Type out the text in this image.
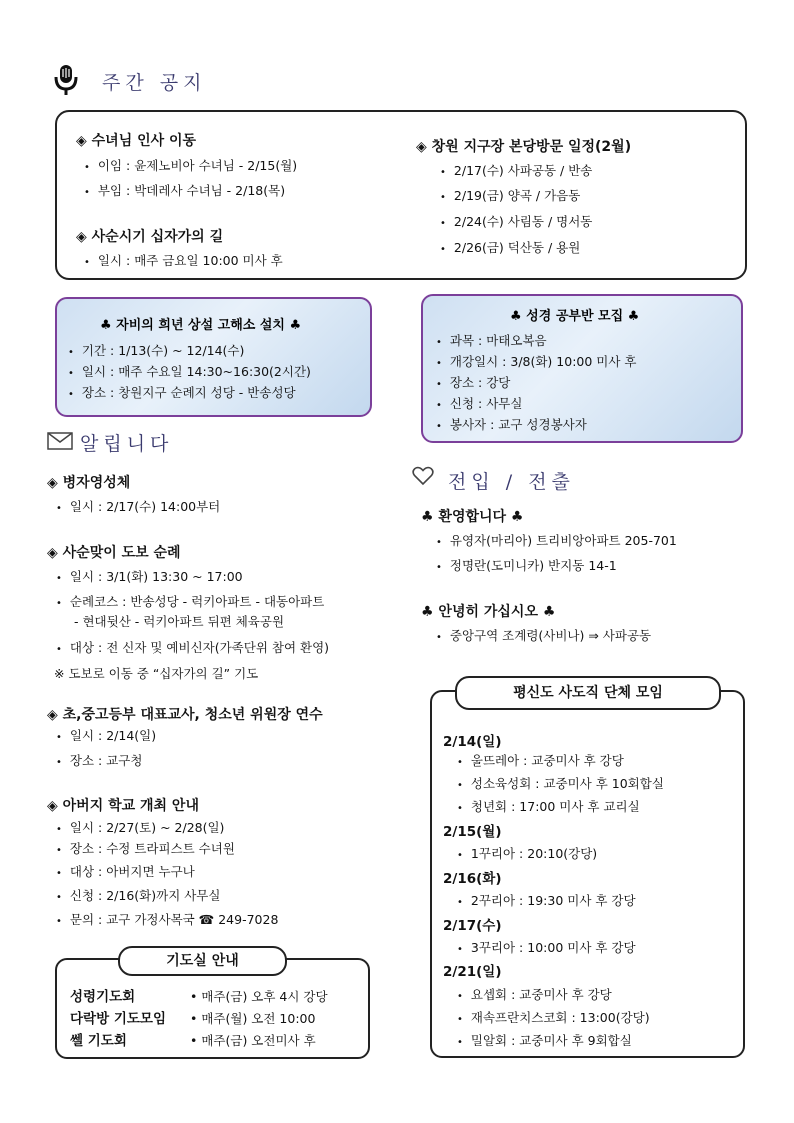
주간 공지
◈ 수녀님 인사 이동
• 이임 : 윤제노비아 수녀님 - 2/15(월)
• 부임 : 박데레사 수녀님 - 2/18(목)
◈ 사순시기 십자가의 길
• 일시 : 매주 금요일 10:00 미사 후
◈ 창원 지구장 본당방문 일정(2월)
• 2/17(수) 사파공동 / 반송
• 2/19(금) 양곡 / 가음동
• 2/24(수) 사림동 / 명서동
• 2/26(금) 덕산동 / 용원
♣ 자비의 희년 상설 고해소 설치 ♣
• 기간 : 1/13(수) ~ 12/14(수)
• 일시 : 매주 수요일 14:30~16:30(2시간)
• 장소 : 창원지구 순례지 성당 - 반송성당
♣ 성경 공부반 모집 ♣
• 과목 : 마태오복음
• 개강일시 : 3/8(화) 10:00 미사 후
• 장소 : 강당
• 신청 : 사무실
• 봉사자 : 교구 성경봉사자
알립니다
◈ 병자영성체
• 일시 : 2/17(수) 14:00부터
◈ 사순맞이 도보 순례
• 일시 : 3/1(화) 13:30 ~ 17:00
• 순례코스 : 반송성당 - 럭키아파트 - 대동아파트
- 현대뒷산 - 럭키아파트 뒤편 체육공원
• 대상 : 전 신자 및 예비신자(가족단위 참여 환영)
※ 도보로 이동 중 “십자가의 길” 기도
◈ 초,중고등부 대표교사, 청소년 위원장 연수
• 일시 : 2/14(일)
• 장소 : 교구청
◈ 아버지 학교 개최 안내
• 일시 : 2/27(토) ~ 2/28(일)
• 장소 : 수정 트라피스트 수녀원
• 대상 : 아버지면 누구나
• 신청 : 2/16(화)까지 사무실
• 문의 : 교구 가정사목국 ☎ 249-7028
기도실 안내
성령기도회	• 매주(금) 오후 4시 강당
다락방 기도모임 • 매주(월) 오전 10:00
쎌 기도회	• 매주(금) 오전미사 후
전입 / 전출
♣ 환영합니다 ♣
• 유영자(마리아) 트리비앙아파트 205-701
• 정명란(도미니카) 반지동 14-1
♣ 안녕히 가십시오 ♣
• 중앙구역 조계령(사비나) ⇒ 사파공동
평신도 사도직 단체 모임
2/14(일)
• 울뜨레아 : 교중미사 후 강당
• 성소육성회 : 교중미사 후 10회합실
• 청년회 : 17:00 미사 후 교리실
2/15(월)
• 1꾸리아 : 20:10(강당)
2/16(화)
• 2꾸리아 : 19:30 미사 후 강당
2/17(수)
• 3꾸리아 : 10:00 미사 후 강당
2/21(일)
• 요셉회 : 교중미사 후 강당
• 재속프란치스코회 : 13:00(강당)
• 밀알회 : 교중미사 후 9회합실
